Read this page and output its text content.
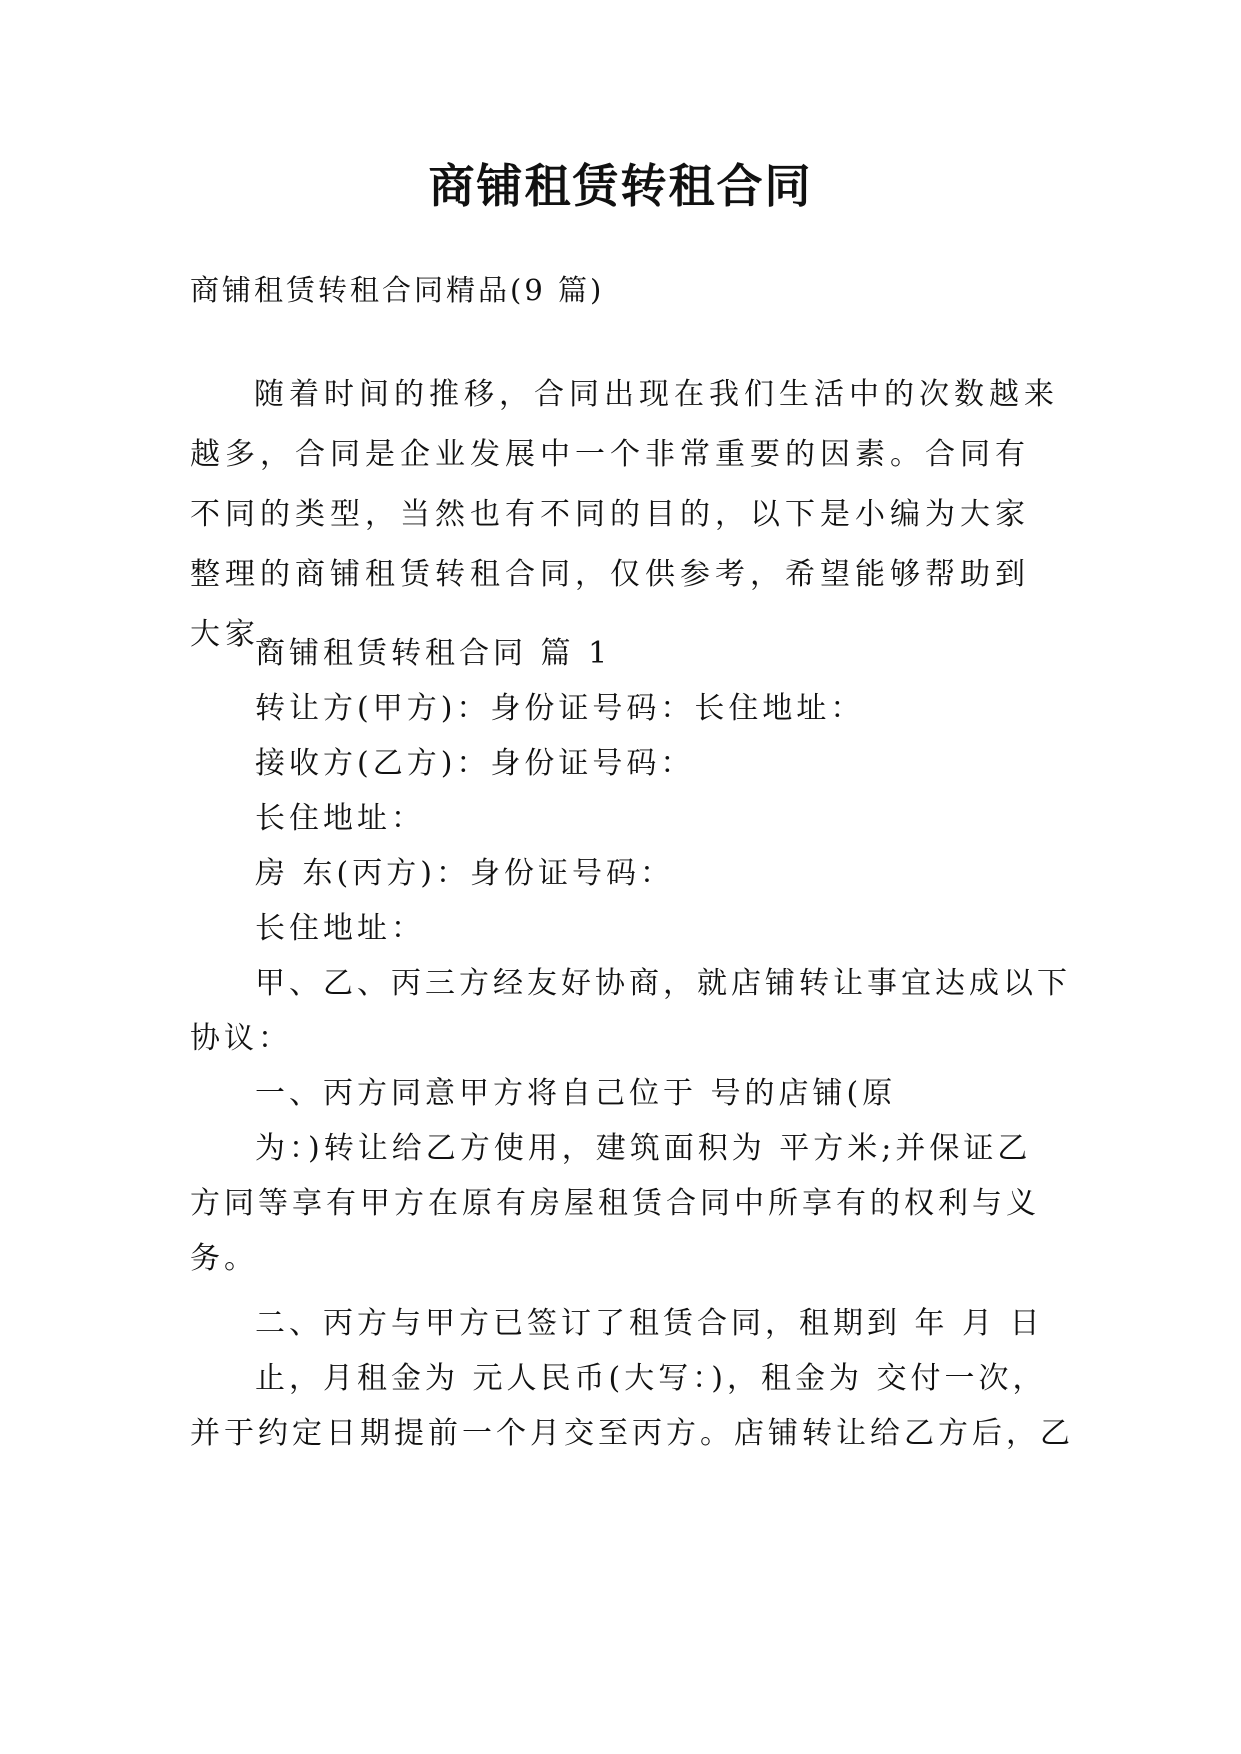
商铺租赁转租合同
商铺租赁转租合同精品(9 篇)

随着时间的推移，合同出现在我们生活中的次数越来越多，合同是企业发展中一个非常重要的因素。合同有不同的类型，当然也有不同的目的，以下是小编为大家整理的商铺租赁转租合同，仅供参考，希望能够帮助到大家。

商铺租赁转租合同 篇 1
转让方(甲方)：身份证号码：长住地址：
接收方(乙方)：身份证号码：
长住地址：
房 东(丙方)：身份证号码：
长住地址：
甲、乙、丙三方经友好协商，就店铺转让事宜达成以下
协议：
一、丙方同意甲方将自己位于 号的店铺(原
为：)转让给乙方使用，建筑面积为 平方米;并保证乙
方同等享有甲方在原有房屋租赁合同中所享有的权利与义
务。
二、丙方与甲方已签订了租赁合同，租期到 年 月 日
止，月租金为 元人民币(大写：)，租金为 交付一次，
并于约定日期提前一个月交至丙方。店铺转让给乙方后，乙
